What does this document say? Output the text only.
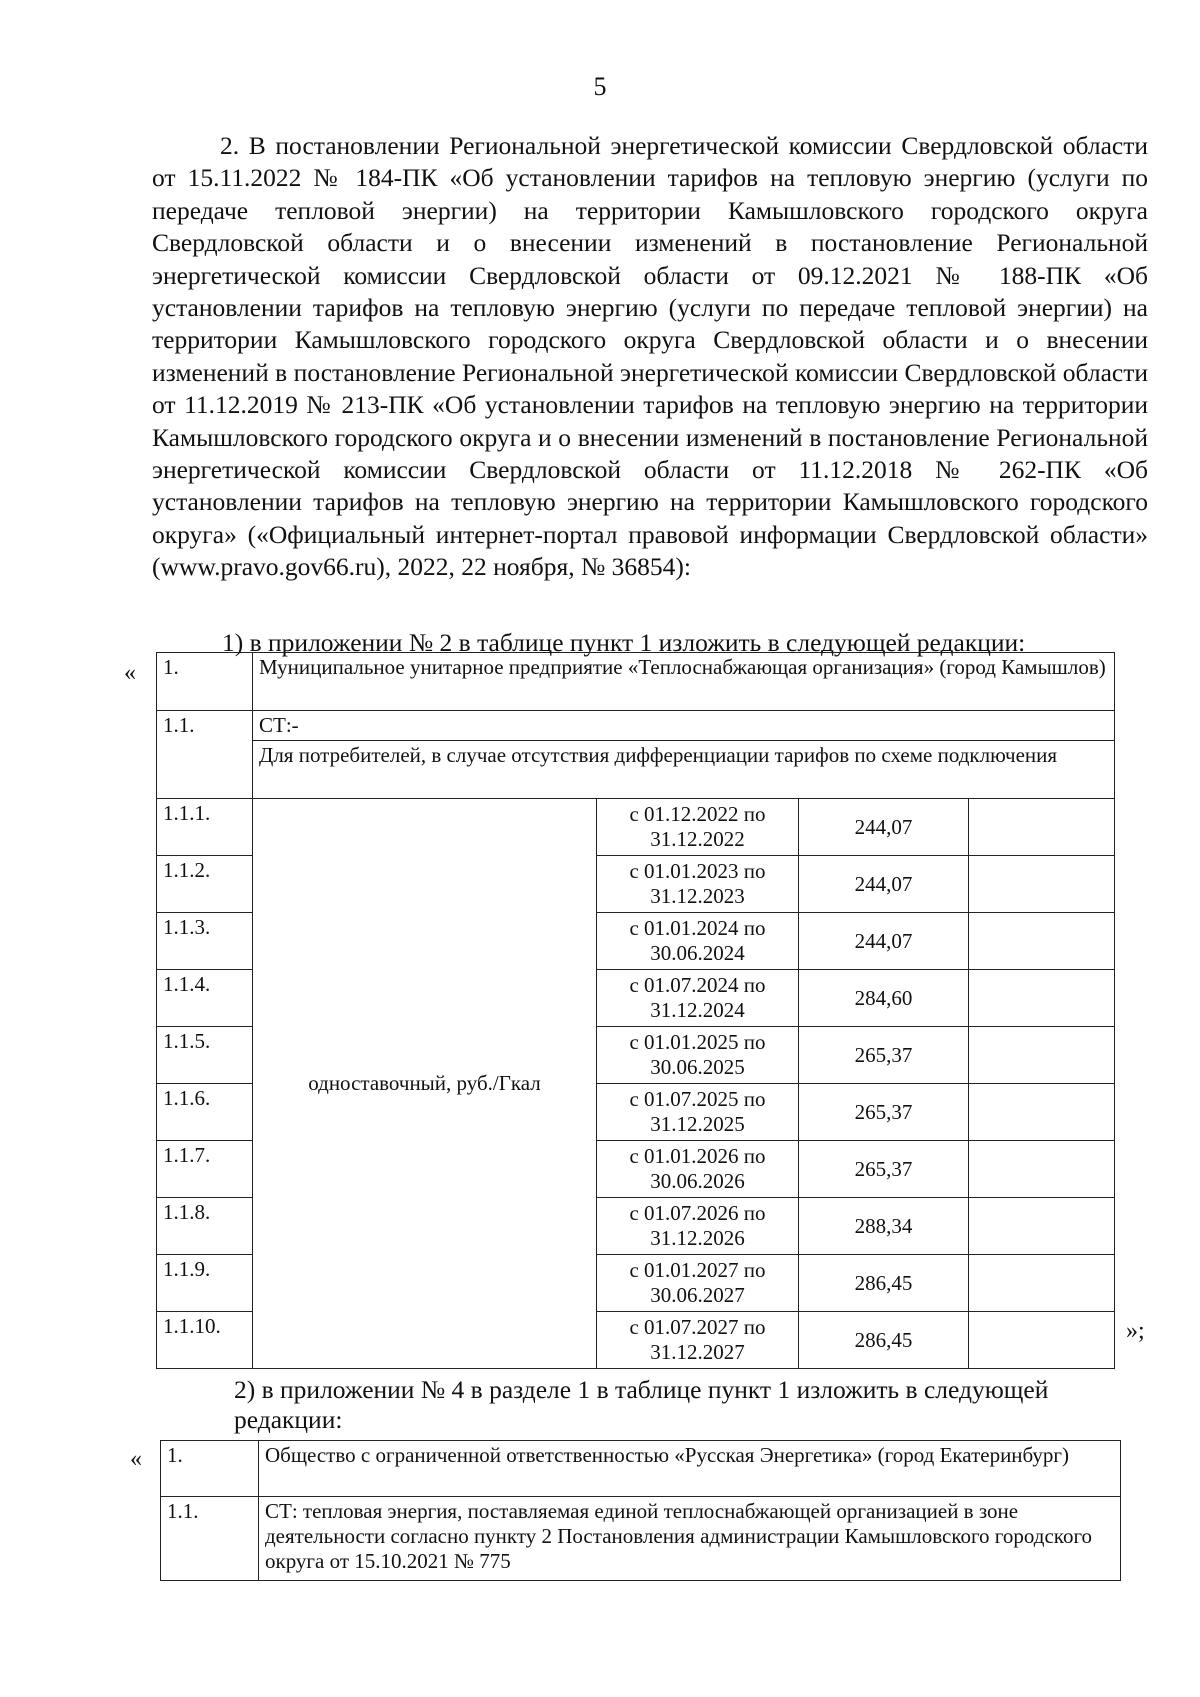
5

2. В постановлении Региональной энергетической комиссии Свердловской области от 15.11.2022 № 184-ПК «Об установлении тарифов на тепловую энергию (услуги по передаче тепловой энергии) на территории Камышловского городского округа Свердловской области и о внесении изменений в постановление Региональной энергетической комиссии Свердловской области от 09.12.2021 № 188-ПК «Об установлении тарифов на тепловую энергию (услуги по передаче тепловой энергии) на территории Камышловского городского округа Свердловской области и о внесении изменений в постановление Региональной энергетической комиссии Свердловской области от 11.12.2019 № 213-ПК «Об установлении тарифов на тепловую энергию на территории Камышловского городского округа и о внесении изменений в постановление Региональной энергетической комиссии Свердловской области от 11.12.2018 № 262-ПК «Об установлении тарифов на тепловую энергию на территории Камышловского городского округа» («Официальный интернет-портал правовой информации Свердловской области» (www.pravo.gov66.ru), 2022, 22 ноября, № 36854):

1) в приложении № 2 в таблице пункт 1 изложить в следующей редакции:
« 1.	Муниципальное унитарное предприятие «Теплоснабжающая организация» (город Камышлов)			
1.1.	СТ:-			
	Для потребителей, в случае отсутствия дифференциации тарифов по схеме подключения			
1.1.1.	одноставочный, руб./Гкал	с 01.12.2022 по 31.12.2022	244,07	
1.1.2.		с 01.01.2023 по 31.12.2023	244,07	
1.1.3.		с 01.01.2024 по 30.06.2024	244,07	
1.1.4.		с 01.07.2024 по 31.12.2024	284,60	
1.1.5.		с 01.01.2025 по 30.06.2025	265,37	
1.1.6.		с 01.07.2025 по 31.12.2025	265,37	
1.1.7.		с 01.01.2026 по 30.06.2026	265,37	
1.1.8.		с 01.07.2026 по 31.12.2026	288,34	
1.1.9.		с 01.01.2027 по 30.06.2027	286,45	
1.1.10.		с 01.07.2027 по 31.12.2027	286,45		»;
2) в приложении № 4 в разделе 1 в таблице пункт 1 изложить в следующей редакции:
« 1.	Общество с ограниченной ответственностью «Русская Энергетика» (город Екатеринбург)
1.1.	СТ: тепловая энергия, поставляемая единой теплоснабжающей организацией в зоне деятельности согласно пункту 2 Постановления администрации Камышловского городского округа от 15.10.2021 № 775
